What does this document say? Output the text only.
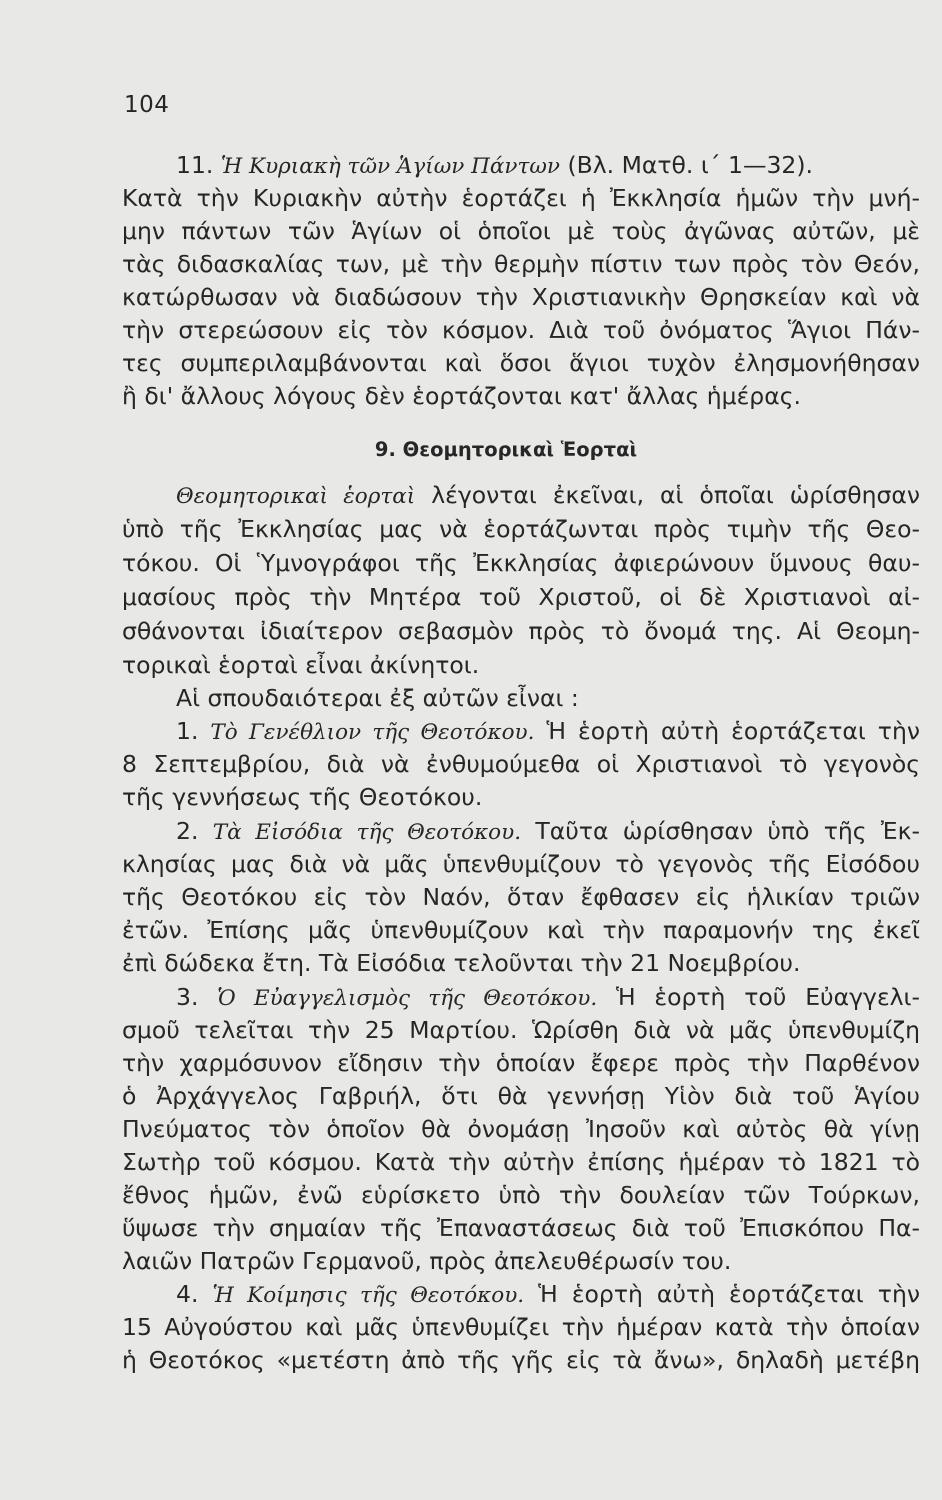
104
11. Ἡ Κυριακὴ τῶν Ἁγίων Πάντων (Βλ. Ματθ. ι΄ 1—32).
Κατὰ τὴν Κυριακὴν αὐτὴν ἑορτάζει ἡ Ἐκκλησία ἡμῶν τὴν μνή-
μην πάντων τῶν Ἁγίων οἱ ὁποῖοι μὲ τοὺς ἀγῶνας αὐτῶν, μὲ
τὰς διδασκαλίας των, μὲ τὴν θερμὴν πίστιν των πρὸς τὸν Θεόν,
κατώρθωσαν νὰ διαδώσουν τὴν Χριστιανικὴν Θρησκείαν καὶ νὰ
τὴν στερεώσουν εἰς τὸν κόσμον. Διὰ τοῦ ὀνόματος Ἅγιοι Πάν-
τες συμπεριλαμβάνονται καὶ ὅσοι ἅγιοι τυχὸν ἐλησμονήθησαν
ἢ δι' ἄλλους λόγους δὲν ἑορτάζονται κατ' ἄλλας ἡμέρας.
9. Θεομητορικαὶ Ἑορταὶ
Θεομητορικαὶ ἑορταὶ λέγονται ἐκεῖναι, αἱ ὁποῖαι ὡρίσθησαν
ὑπὸ τῆς Ἐκκλησίας μας νὰ ἑορτάζωνται πρὸς τιμὴν τῆς Θεο-
τόκου. Οἱ Ὑμνογράφοι τῆς Ἐκκλησίας ἀφιερώνουν ὕμνους θαυ-
μασίους πρὸς τὴν Μητέρα τοῦ Χριστοῦ, οἱ δὲ Χριστιανοὶ αἰ-
σθάνονται ἰδιαίτερον σεβασμὸν πρὸς τὸ ὄνομά της. Αἱ Θεομη-
τορικαὶ ἑορταὶ εἶναι ἀκίνητοι.
Αἱ σπουδαιότεραι ἐξ αὐτῶν εἶναι :
1. Τὸ Γενέθλιον τῆς Θεοτόκου. Ἡ ἑορτὴ αὐτὴ ἑορτάζεται τὴν
8 Σεπτεμβρίου, διὰ νὰ ἐνθυμούμεθα οἱ Χριστιανοὶ τὸ γεγονὸς
τῆς γεννήσεως τῆς Θεοτόκου.
2. Τὰ Εἰσόδια τῆς Θεοτόκου. Ταῦτα ὡρίσθησαν ὑπὸ τῆς Ἐκ-
κλησίας μας διὰ νὰ μᾶς ὑπενθυμίζουν τὸ γεγονὸς τῆς Εἰσόδου
τῆς Θεοτόκου εἰς τὸν Ναόν, ὅταν ἔφθασεν εἰς ἡλικίαν τριῶν
ἐτῶν. Ἐπίσης μᾶς ὑπενθυμίζουν καὶ τὴν παραμονήν της ἐκεῖ
ἐπὶ δώδεκα ἔτη. Τὰ Εἰσόδια τελοῦνται τὴν 21 Νοεμβρίου.
3. Ὁ Εὐαγγελισμὸς τῆς Θεοτόκου. Ἡ ἑορτὴ τοῦ Εὐαγγελι-
σμοῦ τελεῖται τὴν 25 Μαρτίου. Ὡρίσθη διὰ νὰ μᾶς ὑπενθυμίζη
τὴν χαρμόσυνον εἴδησιν τὴν ὁποίαν ἔφερε πρὸς τὴν Παρθένον
ὁ Ἀρχάγγελος Γαβριήλ, ὅτι θὰ γεννήσῃ Υἱὸν διὰ τοῦ Ἁγίου
Πνεύματος τὸν ὁποῖον θὰ ὀνομάσῃ Ἰησοῦν καὶ αὐτὸς θὰ γίνῃ
Σωτὴρ τοῦ κόσμου. Κατὰ τὴν αὐτὴν ἐπίσης ἡμέραν τὸ 1821 τὸ
ἔθνος ἡμῶν, ἐνῶ εὑρίσκετο ὑπὸ τὴν δουλείαν τῶν Τούρκων,
ὕψωσε τὴν σημαίαν τῆς Ἐπαναστάσεως διὰ τοῦ Ἐπισκόπου Πα-
λαιῶν Πατρῶν Γερμανοῦ, πρὸς ἀπελευθέρωσίν του.
4. Ἡ Κοίμησις τῆς Θεοτόκου. Ἡ ἑορτὴ αὐτὴ ἑορτάζεται τὴν
15 Αὐγούστου καὶ μᾶς ὑπενθυμίζει τὴν ἡμέραν κατὰ τὴν ὁποίαν
ἡ Θεοτόκος «μετέστη ἀπὸ τῆς γῆς εἰς τὰ ἄνω», δηλαδὴ μετέβη
